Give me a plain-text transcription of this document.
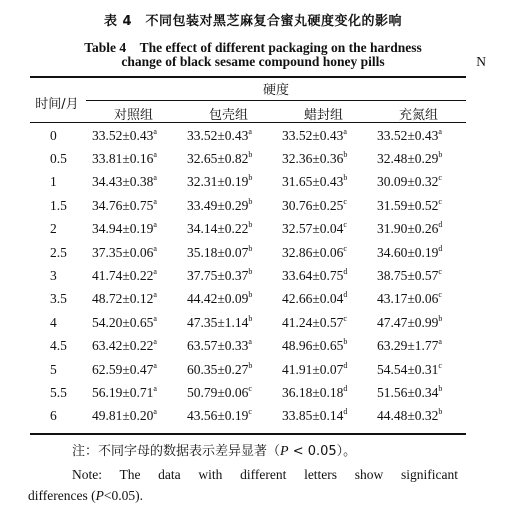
表 4　不同包装对黑芝麻复合蜜丸硬度变化的影响
Table 4　The effect of different packaging on the hardness
change of black sesame compound honey pills	N
时间/月
硬度
对照组	包壳组	蜡封组	充氮组
0	33.52±0.43$^a$	33.52±0.43$^a$	33.52±0.43$^a$	33.52±0.43$^a$
0.5	33.81±0.16$^a$	32.65±0.82$^b$	32.36±0.36$^b$	32.48±0.29$^b$
1	34.43±0.38$^a$	32.31±0.19$^b$	31.65±0.43$^b$	30.09±0.32$^c$
1.5	34.76±0.75$^a$	33.49±0.29$^b$	30.76±0.25$^c$	31.59±0.52$^c$
2	34.94±0.19$^a$	34.14±0.22$^b$	32.57±0.04$^c$	31.90±0.26$^d$
2.5	37.35±0.06$^a$	35.18±0.07$^b$	32.86±0.06$^c$	34.60±0.19$^d$
3	41.74±0.22$^a$	37.75±0.37$^b$	33.64±0.75$^d$	38.75±0.57$^c$
3.5	48.72±0.12$^a$	44.42±0.09$^b$	42.66±0.04$^d$	43.17±0.06$^c$
4	54.20±0.65$^a$	47.35±1.14$^b$	41.24±0.57$^c$	47.47±0.99$^b$
4.5	63.42±0.22$^a$	63.57±0.33$^a$	48.96±0.65$^b$	63.29±1.77$^a$
5	62.59±0.47$^a$	60.35±0.27$^b$	41.91±0.07$^d$	54.54±0.31$^c$
5.5	56.19±0.71$^a$	50.79±0.06$^c$	36.18±0.18$^d$	51.56±0.34$^b$
6	49.81±0.20$^a$	43.56±0.19$^c$	33.85±0.14$^d$	44.48±0.32$^b$
注：不同字母的数据表示差异显著（P < 0.05）。
Note: The data with different letters show significant
differences (P<0.05).
